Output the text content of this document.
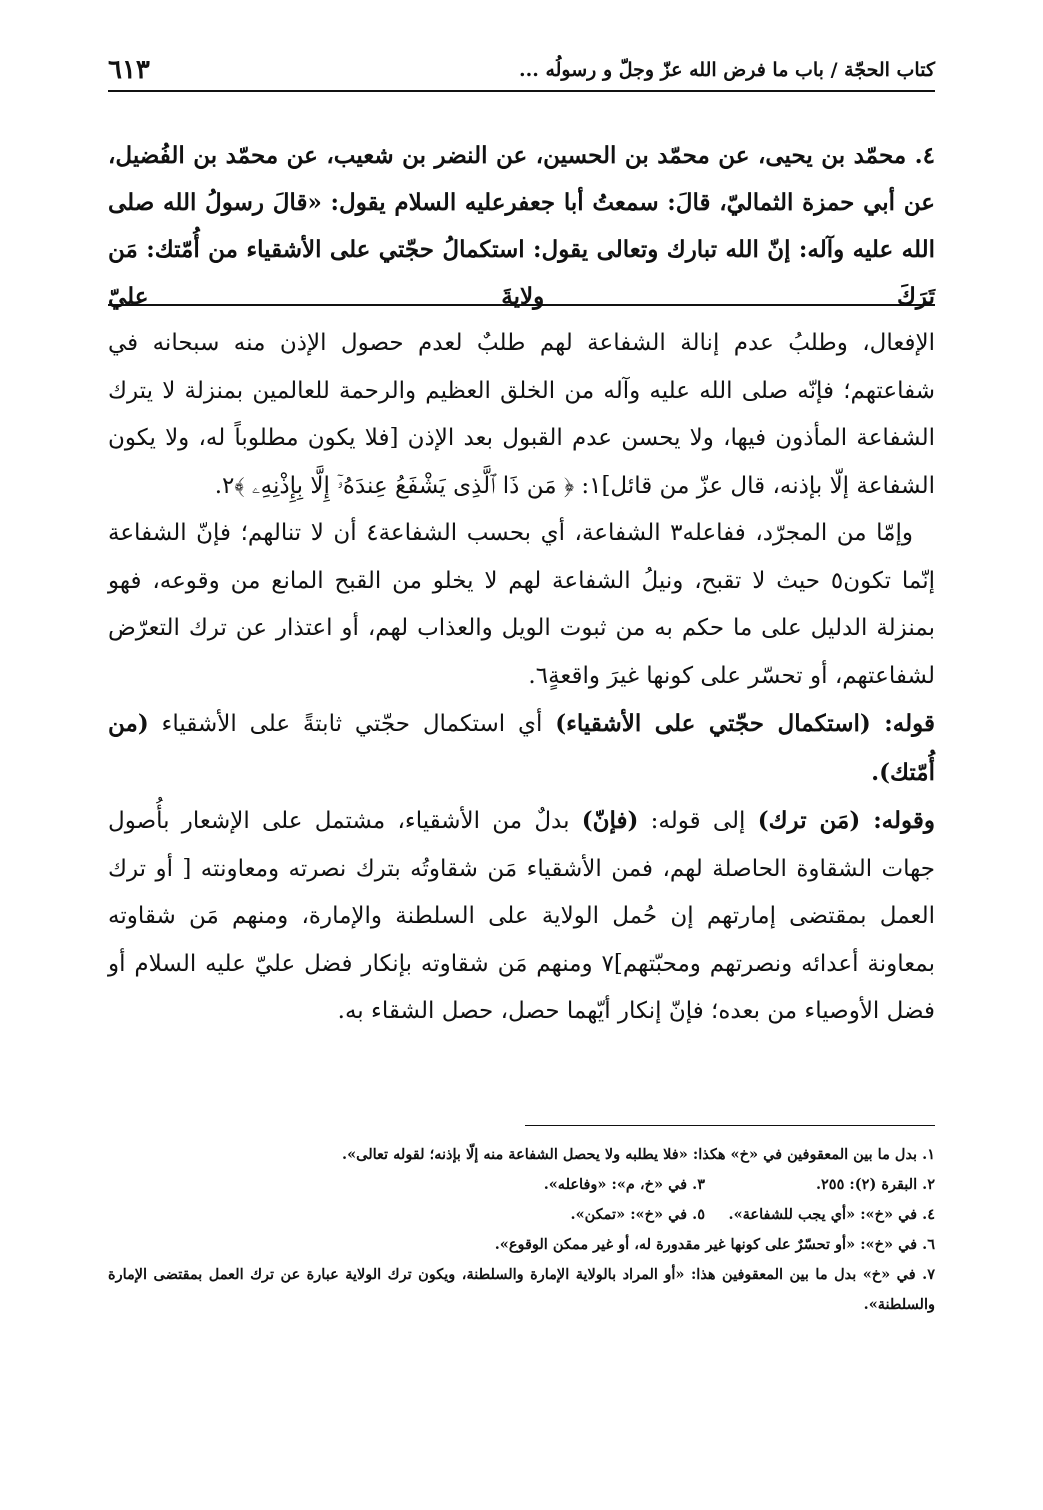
كتاب الحجّة / باب ما فرض الله عزّ وجلّ و رسولُه ...
٦١٣
٤. محمّد بن يحيى، عن محمّد بن الحسين، عن النضر بن شعيب، عن محمّد بن الفُضيل، عن أبي حمزة الثماليّ، قالَ: سمعتُ أبا جعفرعليه السلام يقول: «قالَ رسولُ الله صلى الله عليه وآله: إنّ الله تبارك وتعالى يقول: استكمالُ حجّتي على الأشقياء من أُمّتك: مَن تَرَكَ ولايةَ عليّ

الإفعال، وطلبُ عدم إنالة الشفاعة لهم طلبٌ لعدم حصول الإذن منه سبحانه في شفاعتهم؛ فإنّه صلى الله عليه وآله من الخلق العظيم والرحمة للعالمين بمنزلة لا يترك الشفاعة المأذون فيها، ولا يحسن عدم القبول بعد الإذن [فلا يكون مطلوباً له، ولا يكون الشفاعة إلّا بإذنه، قال عزّ من قائل]١: ﴿ مَن ذَا ٱلَّذِى يَشْفَعُ عِندَهُۥٓ إِلَّا بِإِذْنِهِۦ ﴾٢.

وإمّا من المجرّد، ففاعله٣ الشفاعة، أي بحسب الشفاعة٤ أن لا تنالهم؛ فإنّ الشفاعة إنّما تكون٥ حيث لا تقبح، ونيلُ الشفاعة لهم لا يخلو من القبح المانع من وقوعه، فهو بمنزلة الدليل على ما حكم به من ثبوت الويل والعذاب لهم، أو اعتذار عن ترك التعرّض لشفاعتهم، أو تحسّر على كونها غيرَ واقعةٍ٦.

قوله: (استكمال حجّتي على الأشقياء) أي استكمال حجّتي ثابتةً على الأشقياء (من أُمّتك).

وقوله: (مَن ترك) إلى قوله: (فإنّ) بدلٌ من الأشقياء، مشتمل على الإشعار بأُصول جهات الشقاوة الحاصلة لهم، فمن الأشقياء مَن شقاوتُه بترك نصرته ومعاونته [ أو ترك العمل بمقتضى إمارتهم إن حُمل الولاية على السلطنة والإمارة، ومنهم مَن شقاوته بمعاونة أعدائه ونصرتهم ومحبّتهم]٧ ومنهم مَن شقاوته بإنكار فضل عليّ عليه السلام أو فضل الأوصياء من بعده؛ فإنّ إنكار أيّهما حصل، حصل الشقاء به.

١. بدل ما بين المعقوفين في «خ» هكذا: «فلا يطلبه ولا يحصل الشفاعة منه إلّا بإذنه؛ لقوله تعالى».
٢. البقرة (٢): ٢٥٥.
٣. في «خ، م»: «وفاعله».
٤. في «خ»: «أي يجب للشفاعة».
٥. في «خ»: «تمكن».
٦. في «خ»: «أو تحسّرٌ على كونها غير مقدورة له، أو غير ممكن الوقوع».
٧. في «خ» بدل ما بين المعقوفين هذا: «أو المراد بالولاية الإمارة والسلطنة، ويكون ترك الولاية عبارة عن ترك العمل بمقتضى الإمارة والسلطنة».
